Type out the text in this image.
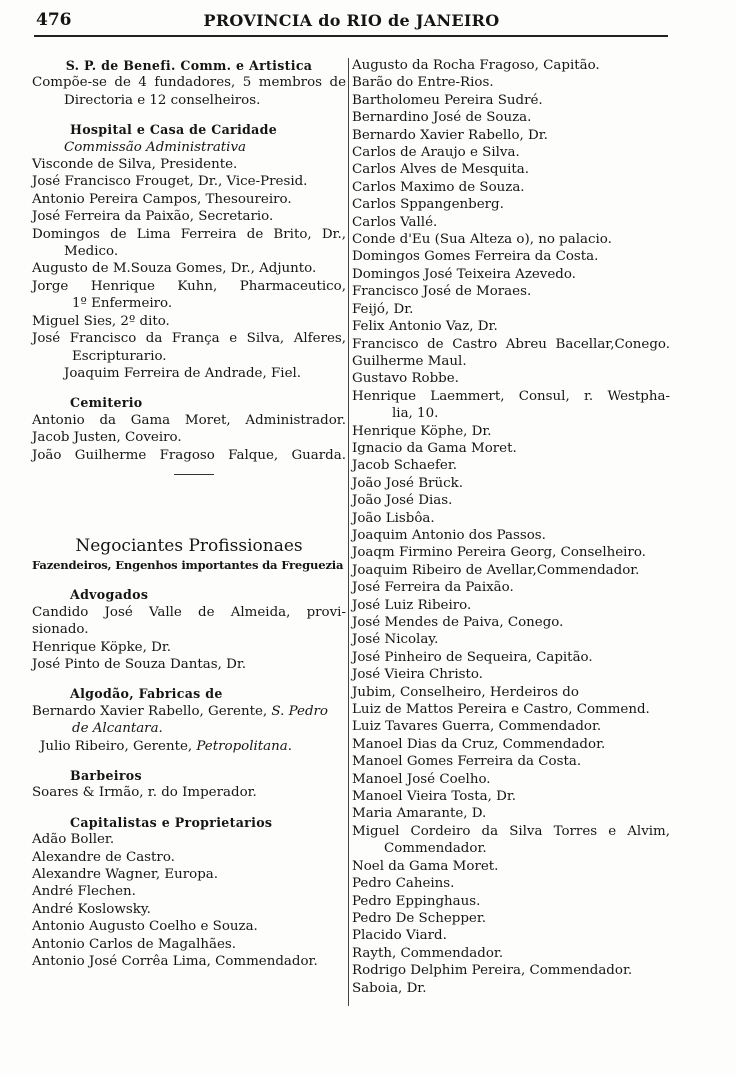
476	PROVINCIA do RIO de JANEIRO
S. P. de Benefi. Comm. e Artistica
Compõe-se de 4 fundadores, 5 membros de
Directoria e 12 conselheiros.
Hospital e Casa de Caridade
Commissão Administrativa
Visconde de Silva, Presidente.
José Francisco Frouget, Dr., Vice-Presid.
Antonio Pereira Campos, Thesoureiro.
José Ferreira da Paixão, Secretario.
Domingos de Lima Ferreira de Brito, Dr.,
Medico.
Augusto de M.Souza Gomes, Dr., Adjunto.
Jorge Henrique Kuhn, Pharmaceutico,
1º Enfermeiro.
Miguel Sies, 2º dito.
José Francisco da França e Silva, Alferes,
Escripturario.
Joaquim Ferreira de Andrade, Fiel.
Cemiterio
Antonio da Gama Moret, Administrador.
Jacob Justen, Coveiro.
João Guilherme Fragoso Falque, Guarda.
Negociantes Profissionaes
Fazendeiros, Engenhos importantes da Freguezia
Advogados
Candido José Valle de Almeida, provi-
sionado.
Henrique Köpke, Dr.
José Pinto de Souza Dantas, Dr.
Algodão, Fabricas de
Bernardo Xavier Rabello, Gerente, S. Pedro
de Alcantara.
Julio Ribeiro, Gerente, Petropolitana.
Barbeiros
Soares & Irmão, r. do Imperador.
Capitalistas e Proprietarios
Adão Boller.
Alexandre de Castro.
Alexandre Wagner, Europa.
André Flechen.
André Koslowsky.
Antonio Augusto Coelho e Souza.
Antonio Carlos de Magalhães.
Antonio José Corrêa Lima, Commendador.
Augusto da Rocha Fragoso, Capitão.
Barão do Entre-Rios.
Bartholomeu Pereira Sudré.
Bernardino José de Souza.
Bernardo Xavier Rabello, Dr.
Carlos de Araujo e Silva.
Carlos Alves de Mesquita.
Carlos Maximo de Souza.
Carlos Sppangenberg.
Carlos Vallé.
Conde d'Eu (Sua Alteza o), no palacio.
Domingos Gomes Ferreira da Costa.
Domingos José Teixeira Azevedo.
Francisco José de Moraes.
Feijó, Dr.
Felix Antonio Vaz, Dr.
Francisco de Castro Abreu Bacellar,Conego.
Guilherme Maul.
Gustavo Robbe.
Henrique Laemmert, Consul, r. Westpha-
lia, 10.
Henrique Köphe, Dr.
Ignacio da Gama Moret.
Jacob Schaefer.
João José Brück.
João José Dias.
João Lisbôa.
Joaquim Antonio dos Passos.
Joaqm Firmino Pereira Georg, Conselheiro.
Joaquim Ribeiro de Avellar,Commendador.
José Ferreira da Paixão.
José Luiz Ribeiro.
José Mendes de Paiva, Conego.
José Nicolay.
José Pinheiro de Sequeira, Capitão.
José Vieira Christo.
Jubim, Conselheiro, Herdeiros do
Luiz de Mattos Pereira e Castro, Commend.
Luiz Tavares Guerra, Commendador.
Manoel Dias da Cruz, Commendador.
Manoel Gomes Ferreira da Costa.
Manoel José Coelho.
Manoel Vieira Tosta, Dr.
Maria Amarante, D.
Miguel Cordeiro da Silva Torres e Alvim,
Commendador.
Noel da Gama Moret.
Pedro Caheins.
Pedro Eppinghaus.
Pedro De Schepper.
Placido Viard.
Rayth, Commendador.
Rodrigo Delphim Pereira, Commendador.
Saboia, Dr.
